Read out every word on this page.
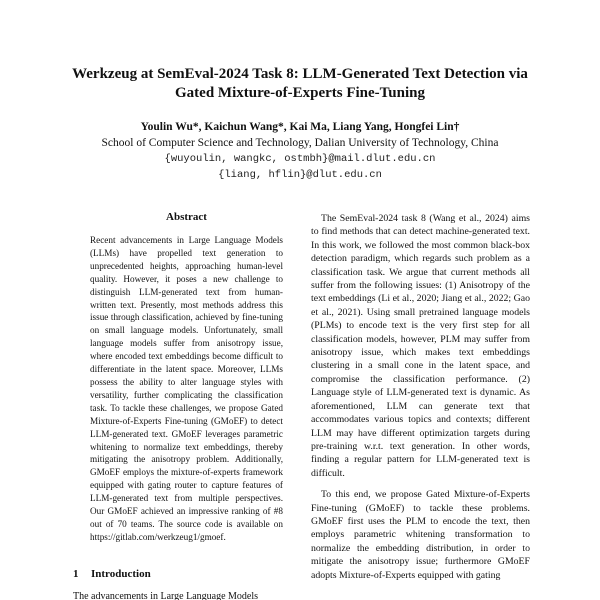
Werkzeug at SemEval-2024 Task 8: LLM-Generated Text Detection via
Gated Mixture-of-Experts Fine-Tuning
Youlin Wu*, Kaichun Wang*, Kai Ma, Liang Yang, Hongfei Lin†
School of Computer Science and Technology, Dalian University of Technology, China
{wuyoulin, wangkc, ostmbh}@mail.dlut.edu.cn
{liang, hflin}@dlut.edu.cn
Abstract

Recent advancements in Large Language Models (LLMs) have propelled text generation to unprecedented heights, approaching human-level quality. However, it poses a new challenge to distinguish LLM-generated text from human-written text. Presently, most methods address this issue through classification, achieved by fine-tuning on small language models. Unfortunately, small language models suffer from anisotropy issue, where encoded text embeddings become difficult to differentiate in the latent space. Moreover, LLMs possess the ability to alter language styles with versatility, further complicating the classification task. To tackle these challenges, we propose Gated Mixture-of-Experts Fine-tuning (GMoEF) to detect LLM-generated text. GMoEF leverages parametric whitening to normalize text embeddings, thereby mitigating the anisotropy problem. Additionally, GMoEF employs the mixture-of-experts framework equipped with gating router to capture features of LLM-generated text from multiple perspectives. Our GMoEF achieved an impressive ranking of #8 out of 70 teams. The source code is available on https://gitlab.com/werkzeug1/gmoef.

1 Introduction
The advancements in Large Language Models

The SemEval-2024 task 8 (Wang et al., 2024) aims to find methods that can detect machine-generated text. In this work, we followed the most common black-box detection paradigm, which regards such problem as a classification task. We argue that current methods all suffer from the following issues: (1) Anisotropy of the text embeddings (Li et al., 2020; Jiang et al., 2022; Gao et al., 2021). Using small pretrained language models (PLMs) to encode text is the very first step for all classification models, however, PLM may suffer from anisotropy issue, which makes text embeddings clustering in a small cone in the latent space, and compromise the classification performance. (2) Language style of LLM-generated text is dynamic. As aforementioned, LLM can generate text that accommodates various topics and contexts; different LLM may have different optimization targets during pre-training w.r.t. text generation. In other words, finding a regular pattern for LLM-generated text is difficult.

To this end, we propose Gated Mixture-of-Experts Fine-tuning (GMoEF) to tackle these problems. GMoEF first uses the PLM to encode the text, then employs parametric whitening transformation to normalize the embedding distribution, in order to mitigate the anisotropy issue; furthermore GMoEF adopts Mixture-of-Experts equipped with gating
